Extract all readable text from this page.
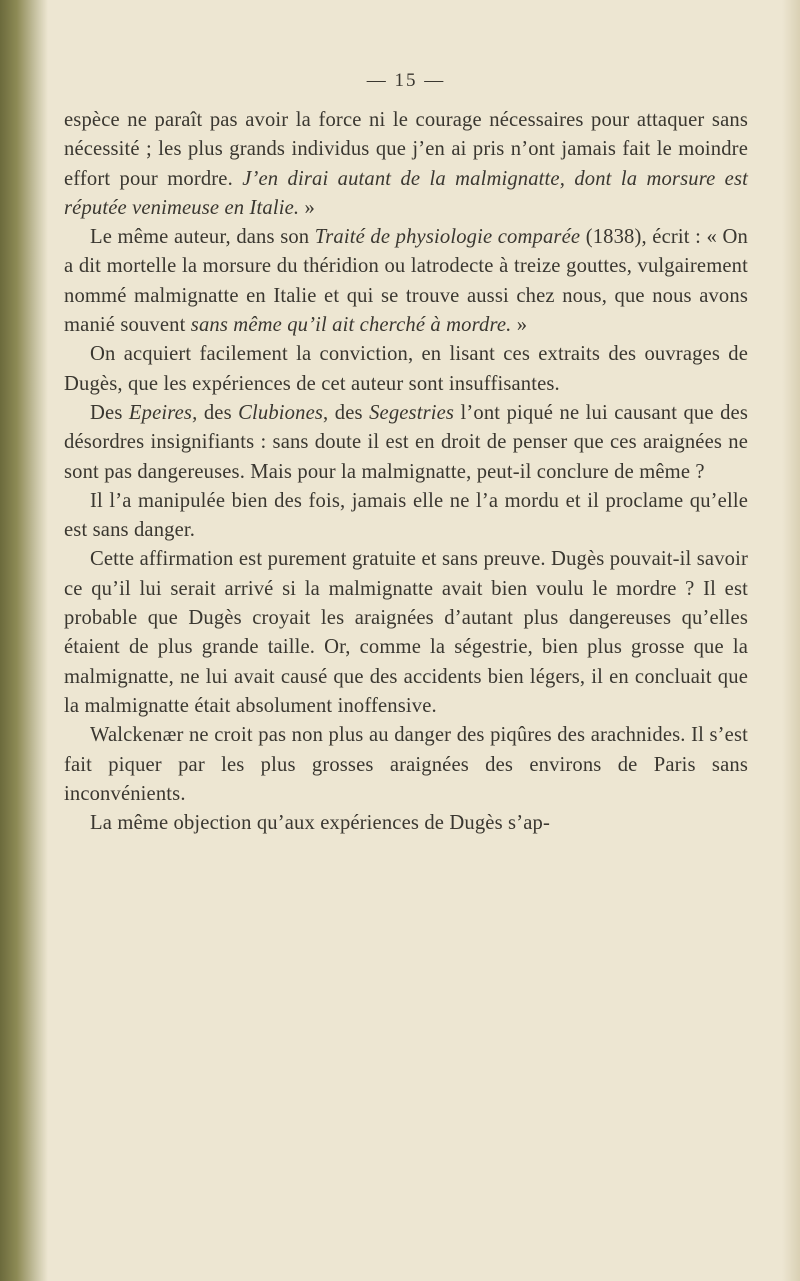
— 15 —

espèce ne paraît pas avoir la force ni le courage nécessaires pour attaquer sans nécessité ; les plus grands individus que j’en ai pris n’ont jamais fait le moindre effort pour mordre. J’en dirai autant de la malmignatte, dont la morsure est réputée venimeuse en Italie. »

Le même auteur, dans son Traité de physiologie comparée (1838), écrit : « On a dit mortelle la morsure du théridion ou latrodecte à treize gouttes, vulgairement nommé malmignatte en Italie et qui se trouve aussi chez nous, que nous avons manié souvent sans même qu’il ait cherché à mordre. »

On acquiert facilement la conviction, en lisant ces extraits des ouvrages de Dugès, que les expériences de cet auteur sont insuffisantes.

Des Epeires, des Clubiones, des Segestries l’ont piqué ne lui causant que des désordres insignifiants : sans doute il est en droit de penser que ces araignées ne sont pas dangereuses. Mais pour la malmignatte, peut-il conclure de même ?

Il l’a manipulée bien des fois, jamais elle ne l’a mordu et il proclame qu’elle est sans danger.

Cette affirmation est purement gratuite et sans preuve. Dugès pouvait-il savoir ce qu’il lui serait arrivé si la malmignatte avait bien voulu le mordre ? Il est probable que Dugès croyait les araignées d’autant plus dangereuses qu’elles étaient de plus grande taille. Or, comme la ségestrie, bien plus grosse que la malmignatte, ne lui avait causé que des accidents bien légers, il en concluait que la malmignatte était absolument inoffensive.

Walckenær ne croit pas non plus au danger des piqûres des arachnides. Il s’est fait piquer par les plus grosses araignées des environs de Paris sans inconvénients.

La même objection qu’aux expériences de Dugès s’ap-
